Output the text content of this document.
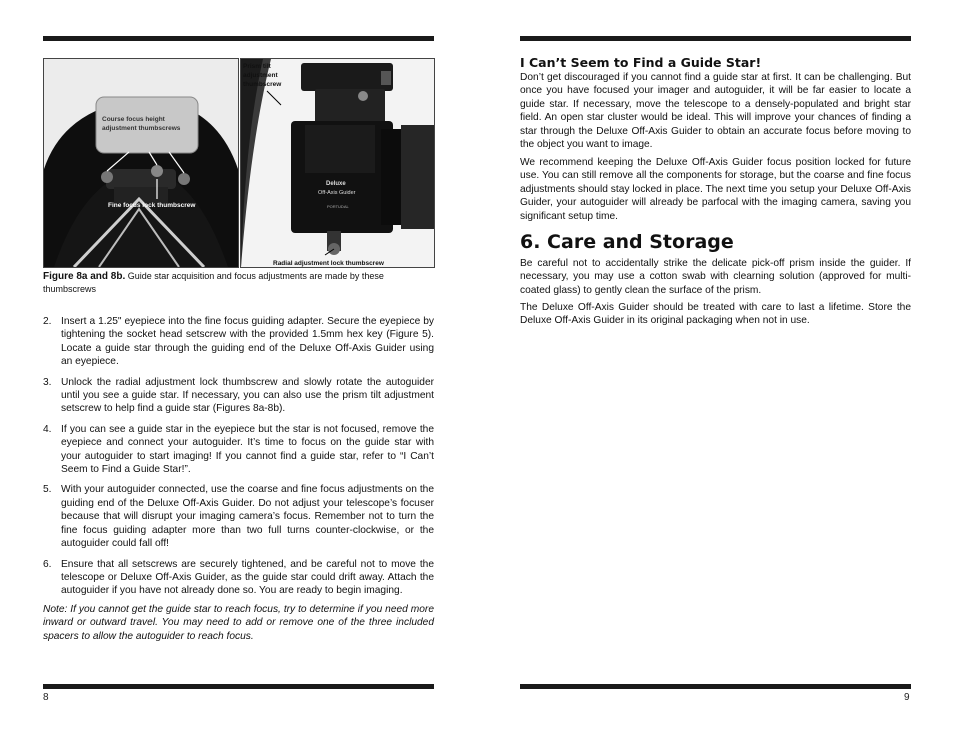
Course focus height adjustment thumbscrews
Fine focus lock thumbscrew
Prism tilt adjustment thumbscrew
Radial adjustment lock thumbscrew
Deluxe
Off-Axis Guider
PORTUDAL
Figure 8a and 8b. Guide star acquisition and focus adjustments are made by these thumbscrews
2. Insert a 1.25" eyepiece into the fine focus guiding adapter. Secure the eyepiece by tightening the socket head setscrew with the provided 1.5mm hex key (Figure 5). Locate a guide star through the guiding end of the Deluxe Off-Axis Guider using an eyepiece.
3. Unlock the radial adjustment lock thumbscrew and slowly rotate the autoguider until you see a guide star. If necessary, you can also use the prism tilt adjustment setscrew to help find a guide star (Figures 8a-8b).
4. If you can see a guide star in the eyepiece but the star is not focused, remove the eyepiece and connect your autoguider. It’s time to focus on the guide star with your autoguider to start imaging! If you cannot find a guide star, refer to “I Can’t Seem to Find a Guide Star!”.
5. With your autoguider connected, use the coarse and fine focus adjustments on the guiding end of the Deluxe Off-Axis Guider. Do not adjust your telescope’s focuser because that will disrupt your imaging camera’s focus. Remember not to turn the fine focus guiding adapter more than two full turns counter-clockwise, or the autoguider could fall off!
6. Ensure that all setscrews are securely tightened, and be careful not to move the telescope or Deluxe Off-Axis Guider, as the guide star could drift away. Attach the autoguider if you have not already done so. You are ready to begin imaging.
Note: If you cannot get the guide star to reach focus, try to determine if you need more inward or outward travel. You may need to add or remove one of the three included spacers to allow the autoguider to reach focus.
I Can’t Seem to Find a Guide Star!
Don’t get discouraged if you cannot find a guide star at first. It can be challenging. But once you have focused your imager and autoguider, it will be far easier to locate a guide star. If necessary, move the telescope to a densely-populated and bright star field. An open star cluster would be ideal. This will improve your chances of finding a star through the Deluxe Off-Axis Guider to obtain an accurate focus before moving to the object you want to image.
We recommend keeping the Deluxe Off-Axis Guider focus position locked for future use. You can still remove all the components for storage, but the coarse and fine focus adjustments should stay locked in place. The next time you setup your Deluxe Off-Axis Guider, your autoguider will already be parfocal with the imaging camera, saving you significant setup time.
6. Care and Storage
Be careful not to accidentally strike the delicate pick-off prism inside the guider. If necessary, you may use a cotton swab with clearning solution (approved for multi-coated glass) to gently clean the surface of the prism.
The Deluxe Off-Axis Guider should be treated with care to last a lifetime. Store the Deluxe Off-Axis Guider in its original packaging when not in use.
8	9
